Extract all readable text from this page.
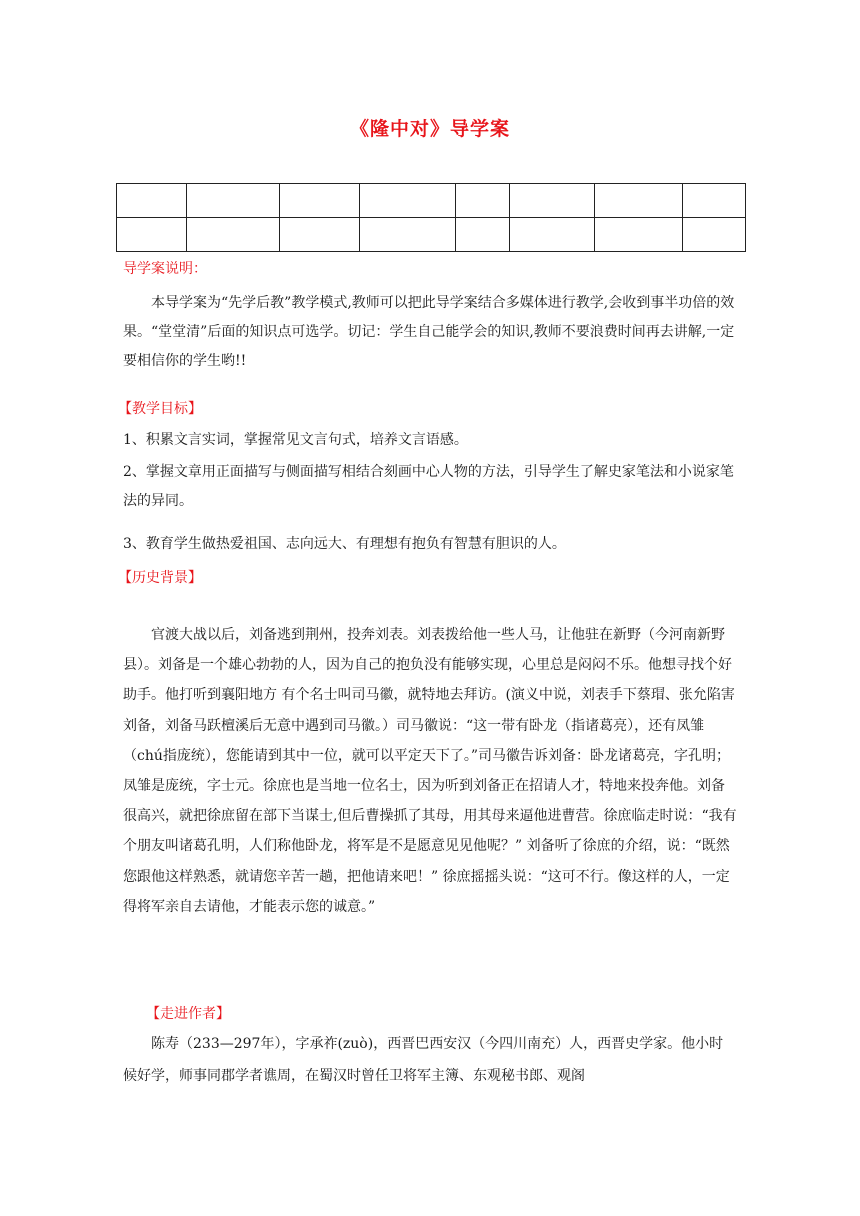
《隆中对》导学案

导学案说明：
本导学案为“先学后教”教学模式,教师可以把此导学案结合多媒体进行教学,会收到事半功倍的效果。“堂堂清”后面的知识点可选学。切记：学生自己能学会的知识,教师不要浪费时间再去讲解,一定要相信你的学生哟!!
【教学目标】
1、积累文言实词，掌握常见文言句式，培养文言语感。
2、掌握文章用正面描写与侧面描写相结合刻画中心人物的方法，引导学生了解史家笔法和小说家笔法的异同。
3、教育学生做热爱祖国、志向远大、有理想有抱负有智慧有胆识的人。
【历史背景】
官渡大战以后，刘备逃到荆州，投奔刘表。刘表拨给他一些人马，让他驻在新野（今河南新野县）。刘备是一个雄心勃勃的人，因为自己的抱负没有能够实现，心里总是闷闷不乐。他想寻找个好助手。他打听到襄阳地方 有个名士叫司马徽，就特地去拜访。(演义中说，刘表手下蔡瑁、张允陷害刘备，刘备马跃檀溪后无意中遇到司马徽。）司马徽说：“这一带有卧龙（指诸葛亮），还有凤雏（chú指庞统），您能请到其中一位，就可以平定天下了。”司马徽告诉刘备：卧龙诸葛亮，字孔明；凤雏是庞统，字士元。徐庶也是当地一位名士，因为听到刘备正在招请人才，特地来投奔他。刘备很高兴，就把徐庶留在部下当谋士,但后曹操抓了其母，用其母来逼他进曹营。徐庶临走时说：“我有个朋友叫诸葛孔明，人们称他卧龙，将军是不是愿意见见他呢？” 刘备听了徐庶的介绍，说：“既然您跟他这样熟悉，就请您辛苦一趟，把他请来吧！” 徐庶摇摇头说：“这可不行。像这样的人，一定得将军亲自去请他，才能表示您的诚意。”
【走进作者】
陈寿（233—297年），字承祚(zuò)，西晋巴西安汉（今四川南充）人，西晋史学家。他小时候好学，师事同郡学者谯周，在蜀汉时曾任卫将军主簿、东观秘书郎、观阁
